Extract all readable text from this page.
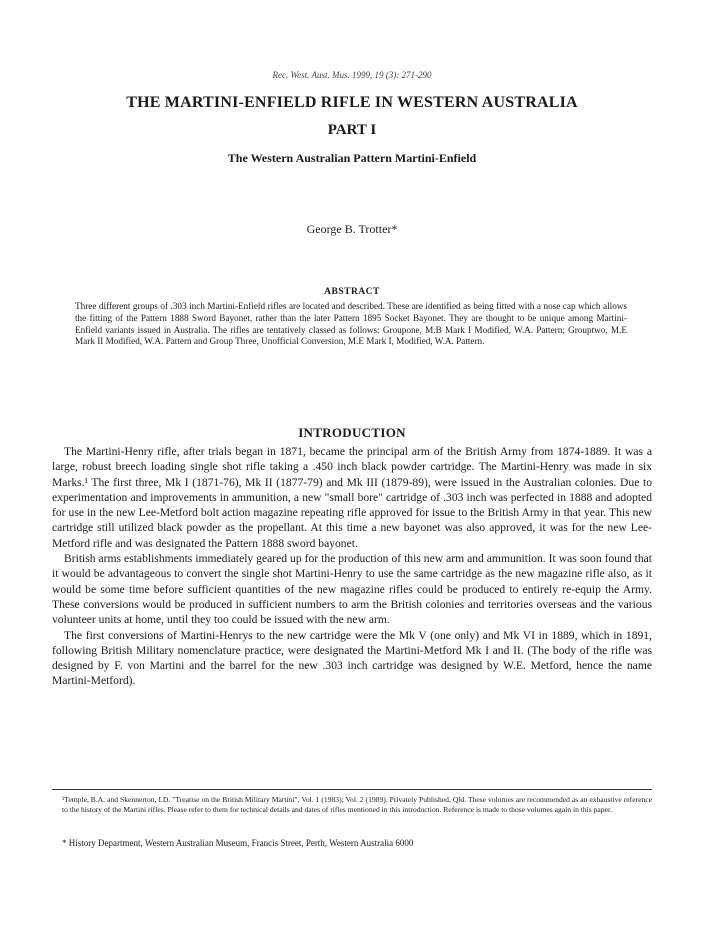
Rec. West. Aust. Mus. 1999, 19 (3): 271-290
THE MARTINI-ENFIELD RIFLE IN WESTERN AUSTRALIA
PART I
The Western Australian Pattern Martini-Enfield
George B. Trotter*
ABSTRACT

Three different groups of .303 inch Martini-Enfield rifles are located and described. These are identified as being fitted with a nose cap which allows the fitting of the Pattern 1888 Sword Bayonet, rather than the later Pattern 1895 Socket Bayonet. They are thought to be unique among Martini-Enfield variants issued in Australia. The rifles are tentatively classed as follows: Groupone, M.B Mark I Modified, W.A. Pattern; Grouptwo, M.E Mark II Modified, W.A. Pattern and Group Three, Unofficial Conversion, M.E Mark I, Modified, W.A. Pattern.

INTRODUCTION

The Martini-Henry rifle, after trials began in 1871, became the principal arm of the British Army from 1874-1889. It was a large, robust breech loading single shot rifle taking a .450 inch black powder cartridge. The Martini-Henry was made in six Marks.¹ The first three, Mk I (1871-76), Mk II (1877-79) and Mk III (1879-89), were issued in the Australian colonies. Due to experimentation and improvements in ammunition, a new "small bore" cartridge of .303 inch was perfected in 1888 and adopted for use in the new Lee-Metford bolt action magazine repeating rifle approved for issue to the British Army in that year. This new cartridge still utilized black powder as the propellant. At this time a new bayonet was also approved, it was for the new Lee-Metford rifle and was designated the Pattern 1888 sword bayonet.

British arms establishments immediately geared up for the production of this new arm and ammunition. It was soon found that it would be advantageous to convert the single shot Martini-Henry to use the same cartridge as the new magazine rifle also, as it would be some time before sufficient quantities of the new magazine rifles could be produced to entirely re-equip the Army. These conversions would be produced in sufficient numbers to arm the British colonies and territories overseas and the various volunteer units at home, until they too could be issued with the new arm.

The first conversions of Martini-Henrys to the new cartridge were the Mk V (one only) and Mk VI in 1889, which in 1891, following British Military nomenclature practice, were designated the Martini-Metford Mk I and II. (The body of the rifle was designed by F. von Martini and the barrel for the new .303 inch cartridge was designed by W.E. Metford, hence the name Martini-Metford).

¹Temple, B.A. and Skennerton, I.D. "Treatise on the British Military Martini", Vol. 1 (1983); Vol. 2 (1989). Privately Published, Qld. These volumes are recommended as an exhaustive reference to the history of the Martini rifles. Please refer to them for technical details and dates of rifles mentioned in this introduction. Reference is made to those volumes again in this paper.

* History Department, Western Australian Museum, Francis Street, Perth, Western Australia 6000
